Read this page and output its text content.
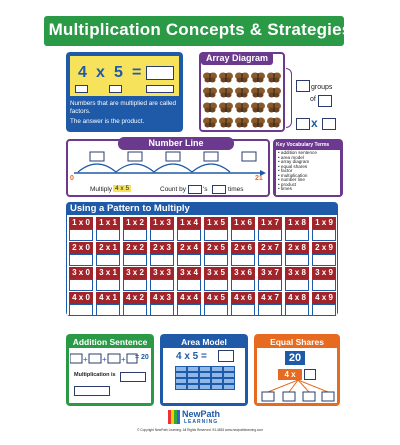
Multiplication Concepts & Strategies
4 x 5 =
Numbers that are multiplied are called factors.
The answer is the product.
Array Diagram
groups
of
x
Number Line
0	21
Multiply 4 x 5	Count by	's	times
Key Vocabulary Terms
• addition sentence
• area model
• array diagram
• equal shares
• factor
• multiplication
• number line
• product
• times
Using a Pattern to Multiply
1 x 0	1 x 1	1 x 2	1 x 3	1 x 4	1 x 5	1 x 6	1 x 7	1 x 8	1 x 9
2 x 0	2 x 1	2 x 2	2 x 3	2 x 4	2 x 5	2 x 6	2 x 7	2 x 8	2 x 9
3 x 0	3 x 1	3 x 2	3 x 3	3 x 4	3 x 5	3 x 6	3 x 7	3 x 8	3 x 9
4 x 0	4 x 1	4 x 2	4 x 3	4 x 4	4 x 5	4 x 6	4 x 7	4 x 8	4 x 9
Addition Sentence
+ + + = 20
Multiplication is
Area Model
4 x 5 =
Equal Shares
20
4 x
NewPath
LEARNING
© Copyright NewPath Learning. All Rights Reserved. 93-4853 www.newpathlearning.com
